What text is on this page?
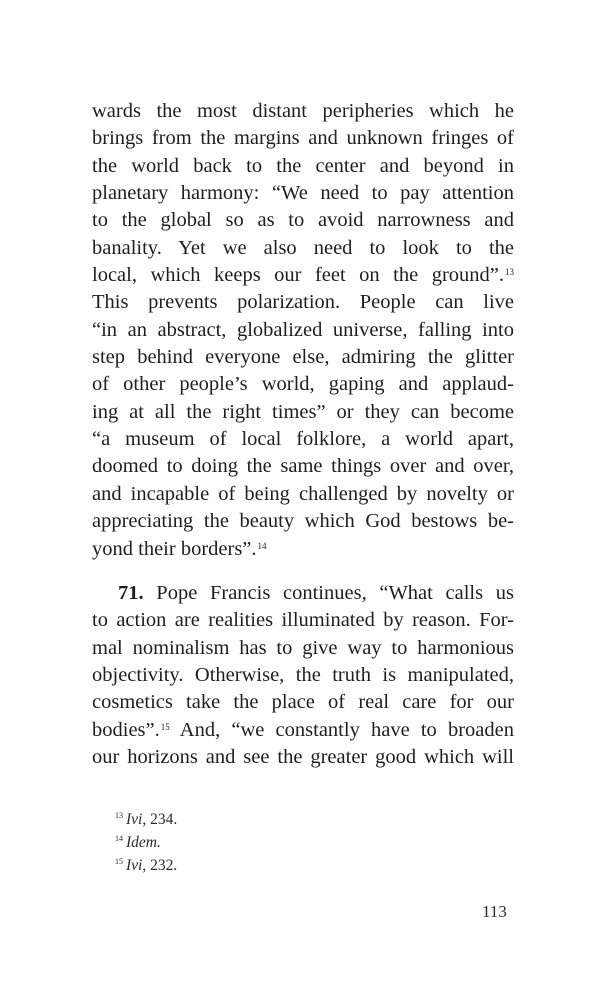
wards the most distant peripheries which he
brings from the margins and unknown fringes of
the world back to the center and beyond in
planetary harmony: “We need to pay attention
to the global so as to avoid narrowness and
banality. Yet we also need to look to the
local, which keeps our feet on the ground”.$^{13}$
This prevents polarization. People can live
“in an abstract, globalized universe, falling into
step behind everyone else, admiring the glitter
of other people’s world, gaping and applaud-
ing at all the right times” or they can become
“a museum of local folklore, a world apart,
doomed to doing the same things over and over,
and incapable of being challenged by novelty or
appreciating the beauty which God bestows be-
yond their borders”.$^{14}$
71. Pope Francis continues, “What calls us
to action are realities illuminated by reason. For-
mal nominalism has to give way to harmonious
objectivity. Otherwise, the truth is manipulated,
cosmetics take the place of real care for our
bodies”.$^{15}$ And, “we constantly have to broaden
our horizons and see the greater good which will
$^{13}$ Ivi, 234.
$^{14}$ Idem.
$^{15}$ Ivi, 232.
113
